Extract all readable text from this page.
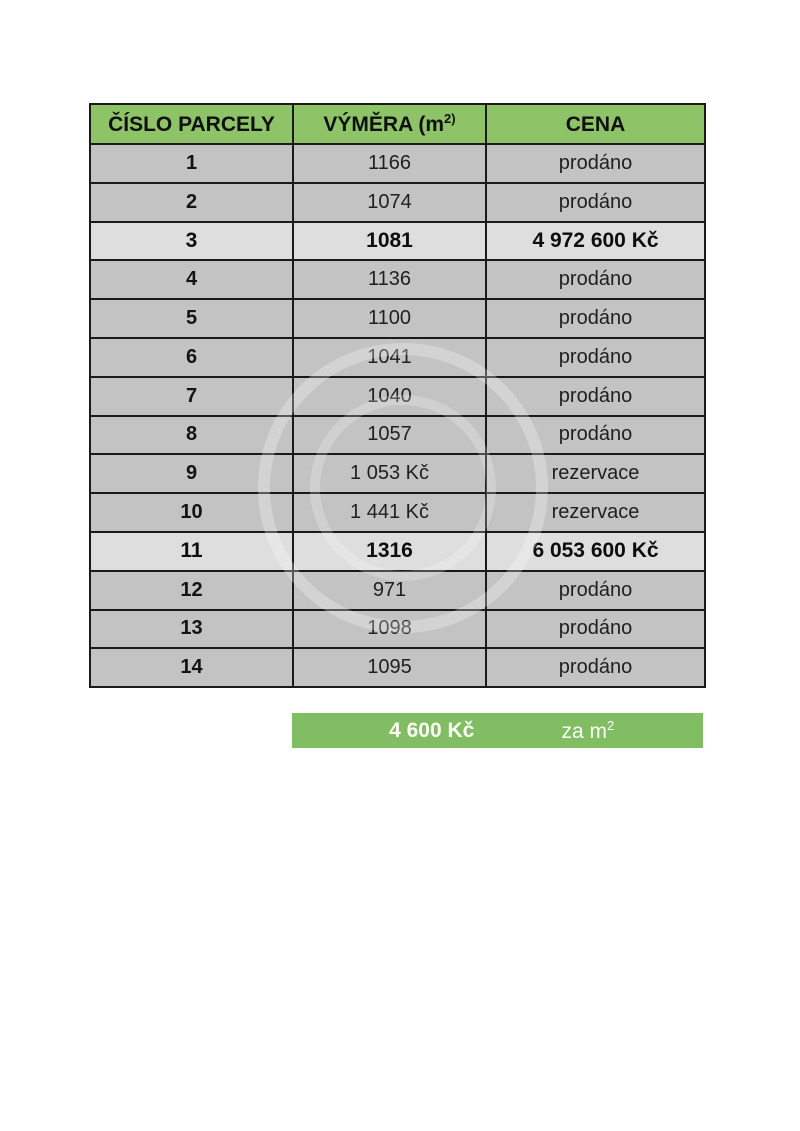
ČÍSLO PARCELY	VÝMĚRA ($m^{2)}$	CENA
1	1166	prodáno
2	1074	prodáno
3	1081	4 972 600 Kč
4	1136	prodáno
5	1100	prodáno
6	1041	prodáno
7	1040	prodáno
8	1057	prodáno
9	1 053 Kč	rezervace
10	1 441 Kč	rezervace
11	1316	6 053 600 Kč
12	971	prodáno
13	1098	prodáno
14	1095	prodáno
4 600 Kč	za $m^2$
